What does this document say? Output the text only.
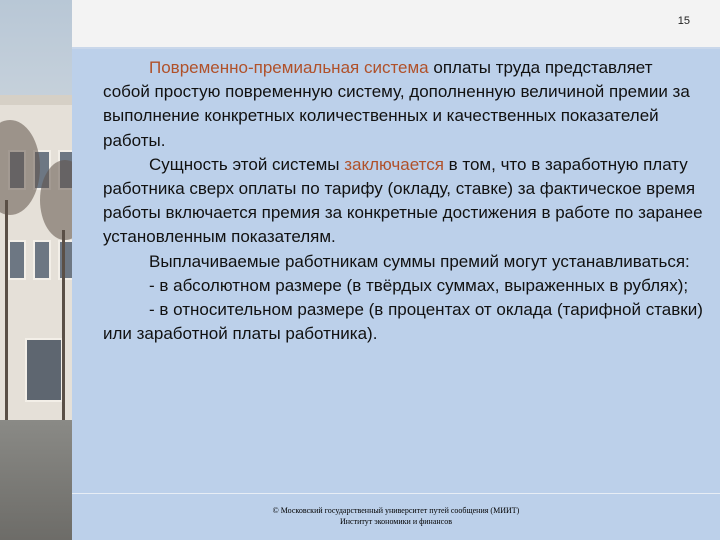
15

Повременно-премиальная система оплаты труда представляет собой простую повременную систему, дополненную величиной премии за выполнение конкретных количественных и качественных показателей работы.

Сущность этой системы заключается в том, что в заработную плату работника сверх оплаты по тарифу (окладу, ставке) за фактическое время работы включается премия за конкретные достижения в работе по заранее установленным показателям.

Выплачиваемые работникам суммы премий могут устанавливаться:

- в абсолютном размере (в твёрдых суммах, выраженных в рублях);

- в относительном размере (в процентах от оклада (тарифной ставки) или заработной платы работника).

© Московский государственный университет путей сообщения (МИИТ)
Институт экономики и финансов
